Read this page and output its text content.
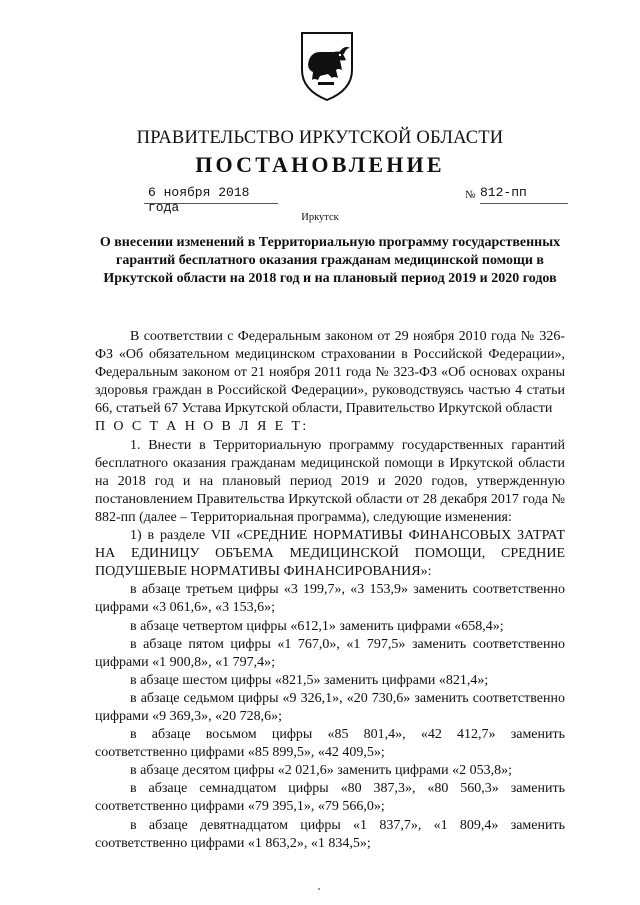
ПРАВИТЕЛЬСТВО ИРКУТСКОЙ ОБЛАСТИ
ПОСТАНОВЛЕНИЕ
6 ноября 2018 года
№ 812-пп
Иркутск
О внесении изменений в Территориальную программу государственных гарантий бесплатного оказания гражданам медицинской помощи в Иркутской области на 2018 год и на плановый период 2019 и 2020 годов

В соответствии с Федеральным законом от 29 ноября 2010 года № 326-ФЗ «Об обязательном медицинском страховании в Российской Федерации», Федеральным законом от 21 ноября 2011 года № 323-ФЗ «Об основах охраны здоровья граждан в Российской Федерации», руководствуясь частью 4 статьи 66, статьей 67 Устава Иркутской области, Правительство Иркутской области

П О С Т А Н О В Л Я Е Т:

1. Внести в Территориальную программу государственных гарантий бесплатного оказания гражданам медицинской помощи в Иркутской области на 2018 год и на плановый период 2019 и 2020 годов, утвержденную постановлением Правительства Иркутской области от 28 декабря 2017 года № 882-пп (далее – Территориальная программа), следующие изменения:

1) в разделе VII «СРЕДНИЕ НОРМАТИВЫ ФИНАНСОВЫХ ЗАТРАТ НА ЕДИНИЦУ ОБЪЕМА МЕДИЦИНСКОЙ ПОМОЩИ, СРЕДНИЕ ПОДУШЕВЫЕ НОРМАТИВЫ ФИНАНСИРОВАНИЯ»:

в абзаце третьем цифры «3 199,7», «3 153,9» заменить соответственно цифрами «3 061,6», «3 153,6»;

в абзаце четвертом цифры «612,1» заменить цифрами «658,4»;

в абзаце пятом цифры «1 767,0», «1 797,5» заменить соответственно цифрами «1 900,8», «1 797,4»;

в абзаце шестом цифры «821,5» заменить цифрами «821,4»;

в абзаце седьмом цифры «9 326,1», «20 730,6» заменить соответственно цифрами «9 369,3», «20 728,6»;

в абзаце восьмом цифры «85 801,4», «42 412,7» заменить соответственно цифрами «85 899,5», «42 409,5»;

в абзаце десятом цифры «2 021,6» заменить цифрами «2 053,8»;

в абзаце семнадцатом цифры «80 387,3», «80 560,3» заменить соответственно цифрами «79 395,1», «79 566,0»;

в абзаце девятнадцатом цифры «1 837,7», «1 809,4» заменить соответственно цифрами «1 863,2», «1 834,5»;
